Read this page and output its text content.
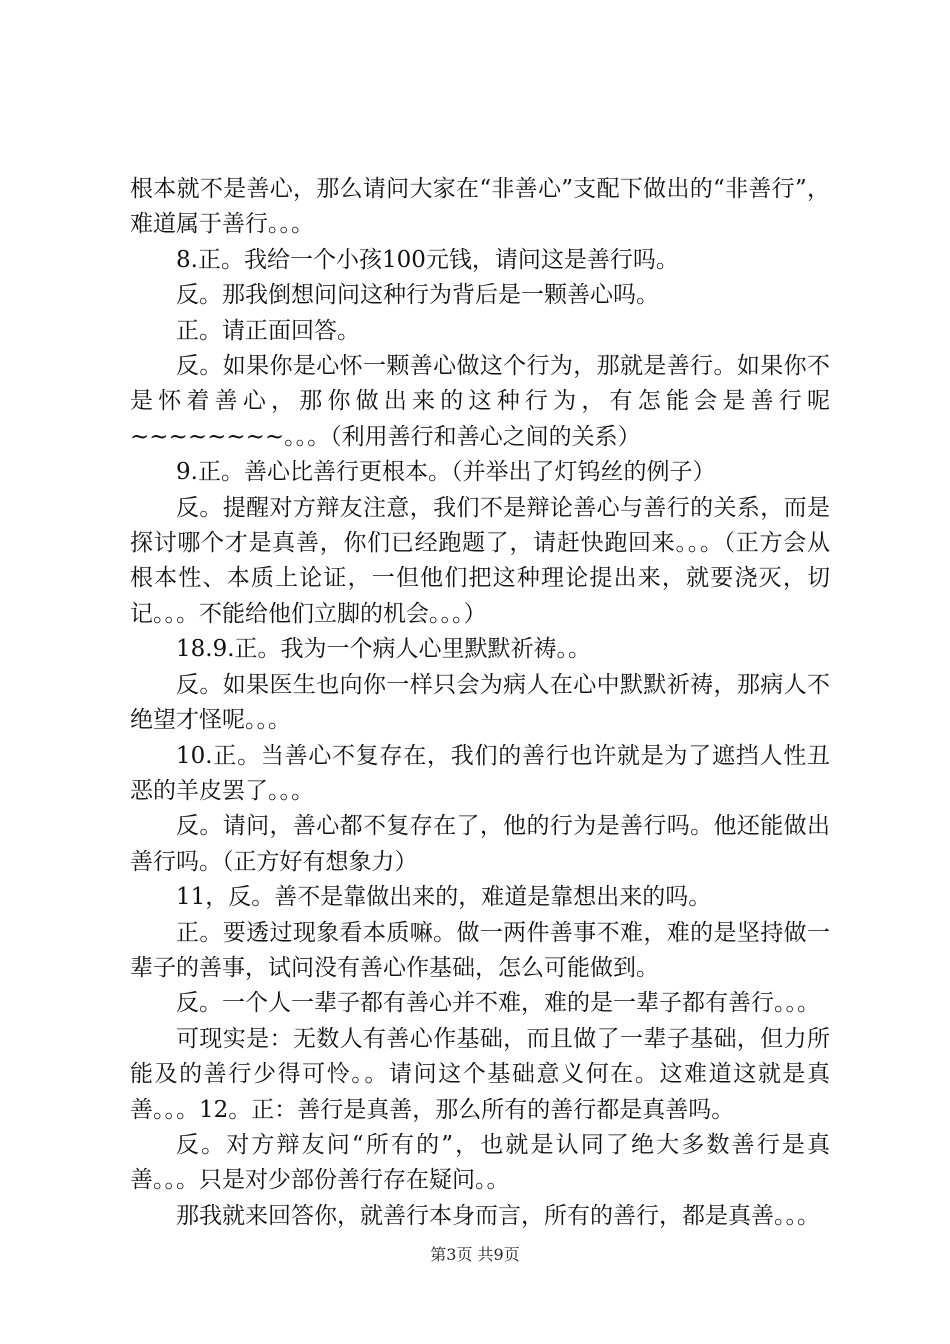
根本就不是善心，那么请问大家在“非善心”支配下做出的“非善行”，难道属于善行。。。

8.正。我给一个小孩100元钱，请问这是善行吗。

反。那我倒想问问这种行为背后是一颗善心吗。

正。请正面回答。

反。如果你是心怀一颗善心做这个行为，那就是善行。如果你不是怀着善心，那你做出来的这种行为，有怎能会是善行呢~~~~~~~~。。。（利用善行和善心之间的关系）

9.正。善心比善行更根本。（并举出了灯钨丝的例子）

反。提醒对方辩友注意，我们不是辩论善心与善行的关系，而是探讨哪个才是真善，你们已经跑题了，请赶快跑回来。。。（正方会从根本性、本质上论证，一但他们把这种理论提出来，就要浇灭，切记。。。不能给他们立脚的机会。。。）

18.9.正。我为一个病人心里默默祈祷。。

反。如果医生也向你一样只会为病人在心中默默祈祷，那病人不绝望才怪呢。。。

10.正。当善心不复存在，我们的善行也许就是为了遮挡人性丑恶的羊皮罢了。。。

反。请问，善心都不复存在了，他的行为是善行吗。他还能做出善行吗。（正方好有想象力）

11，反。善不是靠做出来的，难道是靠想出来的吗。

正。要透过现象看本质嘛。做一两件善事不难，难的是坚持做一辈子的善事，试问没有善心作基础，怎么可能做到。

反。一个人一辈子都有善心并不难，难的是一辈子都有善行。。。

可现实是：无数人有善心作基础，而且做了一辈子基础，但力所能及的善行少得可怜。。请问这个基础意义何在。这难道这就是真善。。。12。正：善行是真善，那么所有的善行都是真善吗。

反。对方辩友问“所有的”，也就是认同了绝大多数善行是真善。。。只是对少部份善行存在疑问。。

那我就来回答你，就善行本身而言，所有的善行，都是真善。。。

第3页 共9页
